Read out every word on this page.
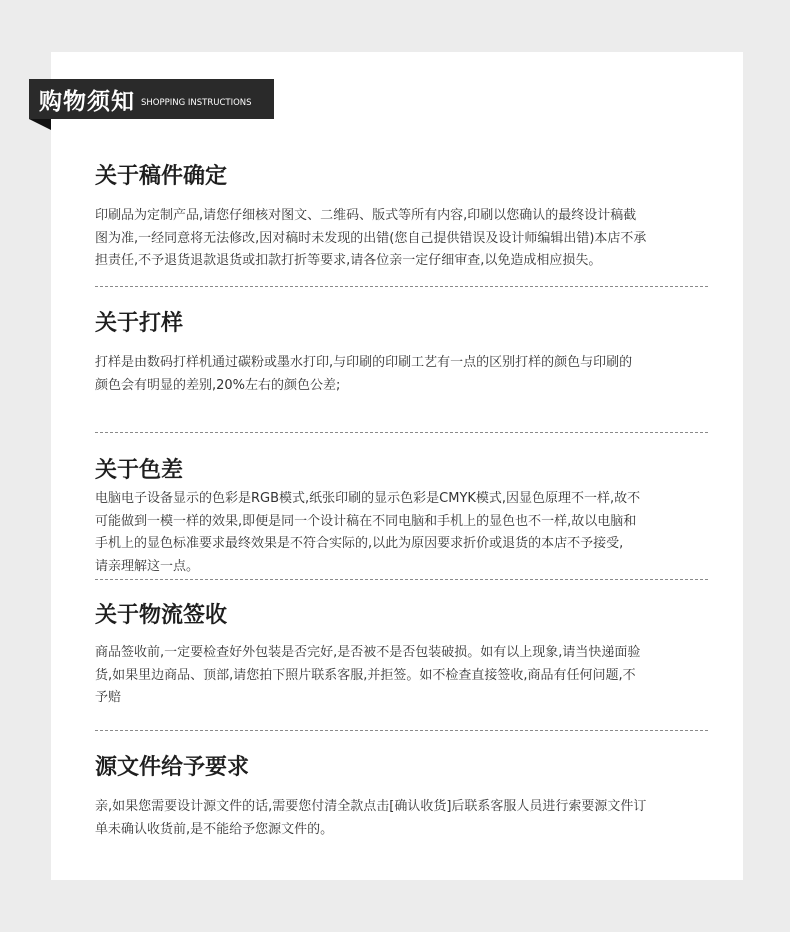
购物须知 SHOPPING INSTRUCTIONS
关于稿件确定

印刷品为定制产品,请您仔细核对图文、二维码、版式等所有内容,印刷以您确认的最终设计稿截

图为准,一经同意将无法修改,因对稿时未发现的出错(您自己提供错误及设计师编辑出错)本店不承

担责任,不予退货退款退货或扣款打折等要求,请各位亲一定仔细审查,以免造成相应损失。

关于打样

打样是由数码打样机通过碳粉或墨水打印,与印刷的印刷工艺有一点的区别打样的颜色与印刷的

颜色会有明显的差别,20%左右的颜色公差;

关于色差

电脑电子设备显示的色彩是RGB模式,纸张印刷的显示色彩是CMYK模式,因显色原理不一样,故不

可能做到一模一样的效果,即便是同一个设计稿在不同电脑和手机上的显色也不一样,故以电脑和

手机上的显色标准要求最终效果是不符合实际的,以此为原因要求折价或退货的本店不予接受,

请亲理解这一点。

关于物流签收

商品签收前,一定要检查好外包装是否完好,是否被不是否包装破损。如有以上现象,请当快递面验

货,如果里边商品、顶部,请您拍下照片联系客服,并拒签。如不检查直接签收,商品有任何问题,不

予赔

源文件给予要求

亲,如果您需要设计源文件的话,需要您付清全款点击[确认收货]后联系客服人员进行索要源文件订

单未确认收货前,是不能给予您源文件的。
